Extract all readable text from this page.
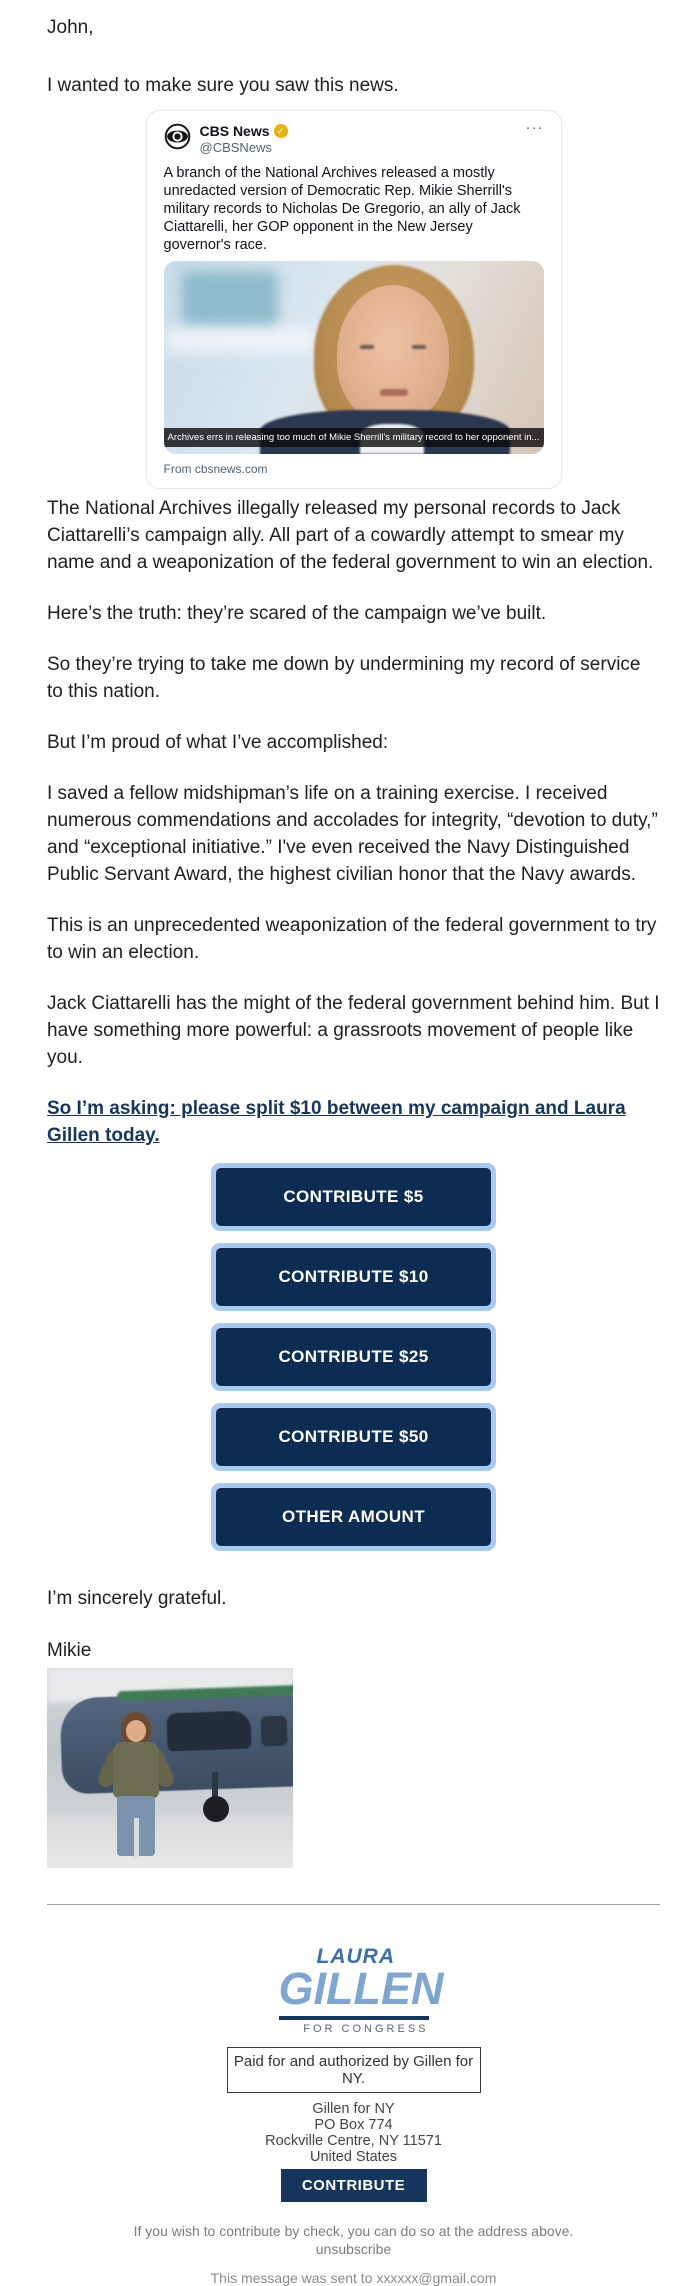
John,

I wanted to make sure you saw this news.

CBS News ✓
@CBSNews
···
A branch of the National Archives released a mostly unredacted version of Democratic Rep. Mikie Sherrill's military records to Nicholas De Gregorio, an ally of Jack Ciattarelli, her GOP opponent in the New Jersey governor's race.
Archives errs in releasing too much of Mikie Sherrill's military record to her opponent in...
From cbsnews.com

The National Archives illegally released my personal records to Jack Ciattarelli’s campaign ally. All part of a cowardly attempt to smear my name and a weaponization of the federal government to win an election.

Here’s the truth: they’re scared of the campaign we’ve built.

So they’re trying to take me down by undermining my record of service to this nation.

But I’m proud of what I’ve accomplished:

I saved a fellow midshipman’s life on a training exercise. I received numerous commendations and accolades for integrity, “devotion to duty,” and “exceptional initiative.” I've even received the Navy Distinguished Public Servant Award, the highest civilian honor that the Navy awards.

This is an unprecedented weaponization of the federal government to try to win an election.

Jack Ciattarelli has the might of the federal government behind him. But I have something more powerful: a grassroots movement of people like you.

So I’m asking: please split $10 between my campaign and Laura Gillen today.

CONTRIBUTE $5
CONTRIBUTE $10
CONTRIBUTE $25
CONTRIBUTE $50
OTHER AMOUNT

I’m sincerely grateful.

Mikie

LAURA
GILLEN
FOR CONGRESS
Paid for and authorized by Gillen for NY.
Gillen for NY
PO Box 774
Rockville Centre, NY 11571
United States
CONTRIBUTE
If you wish to contribute by check, you can do so at the address above.
unsubscribe
This message was sent to xxxxxx@gmail.com
